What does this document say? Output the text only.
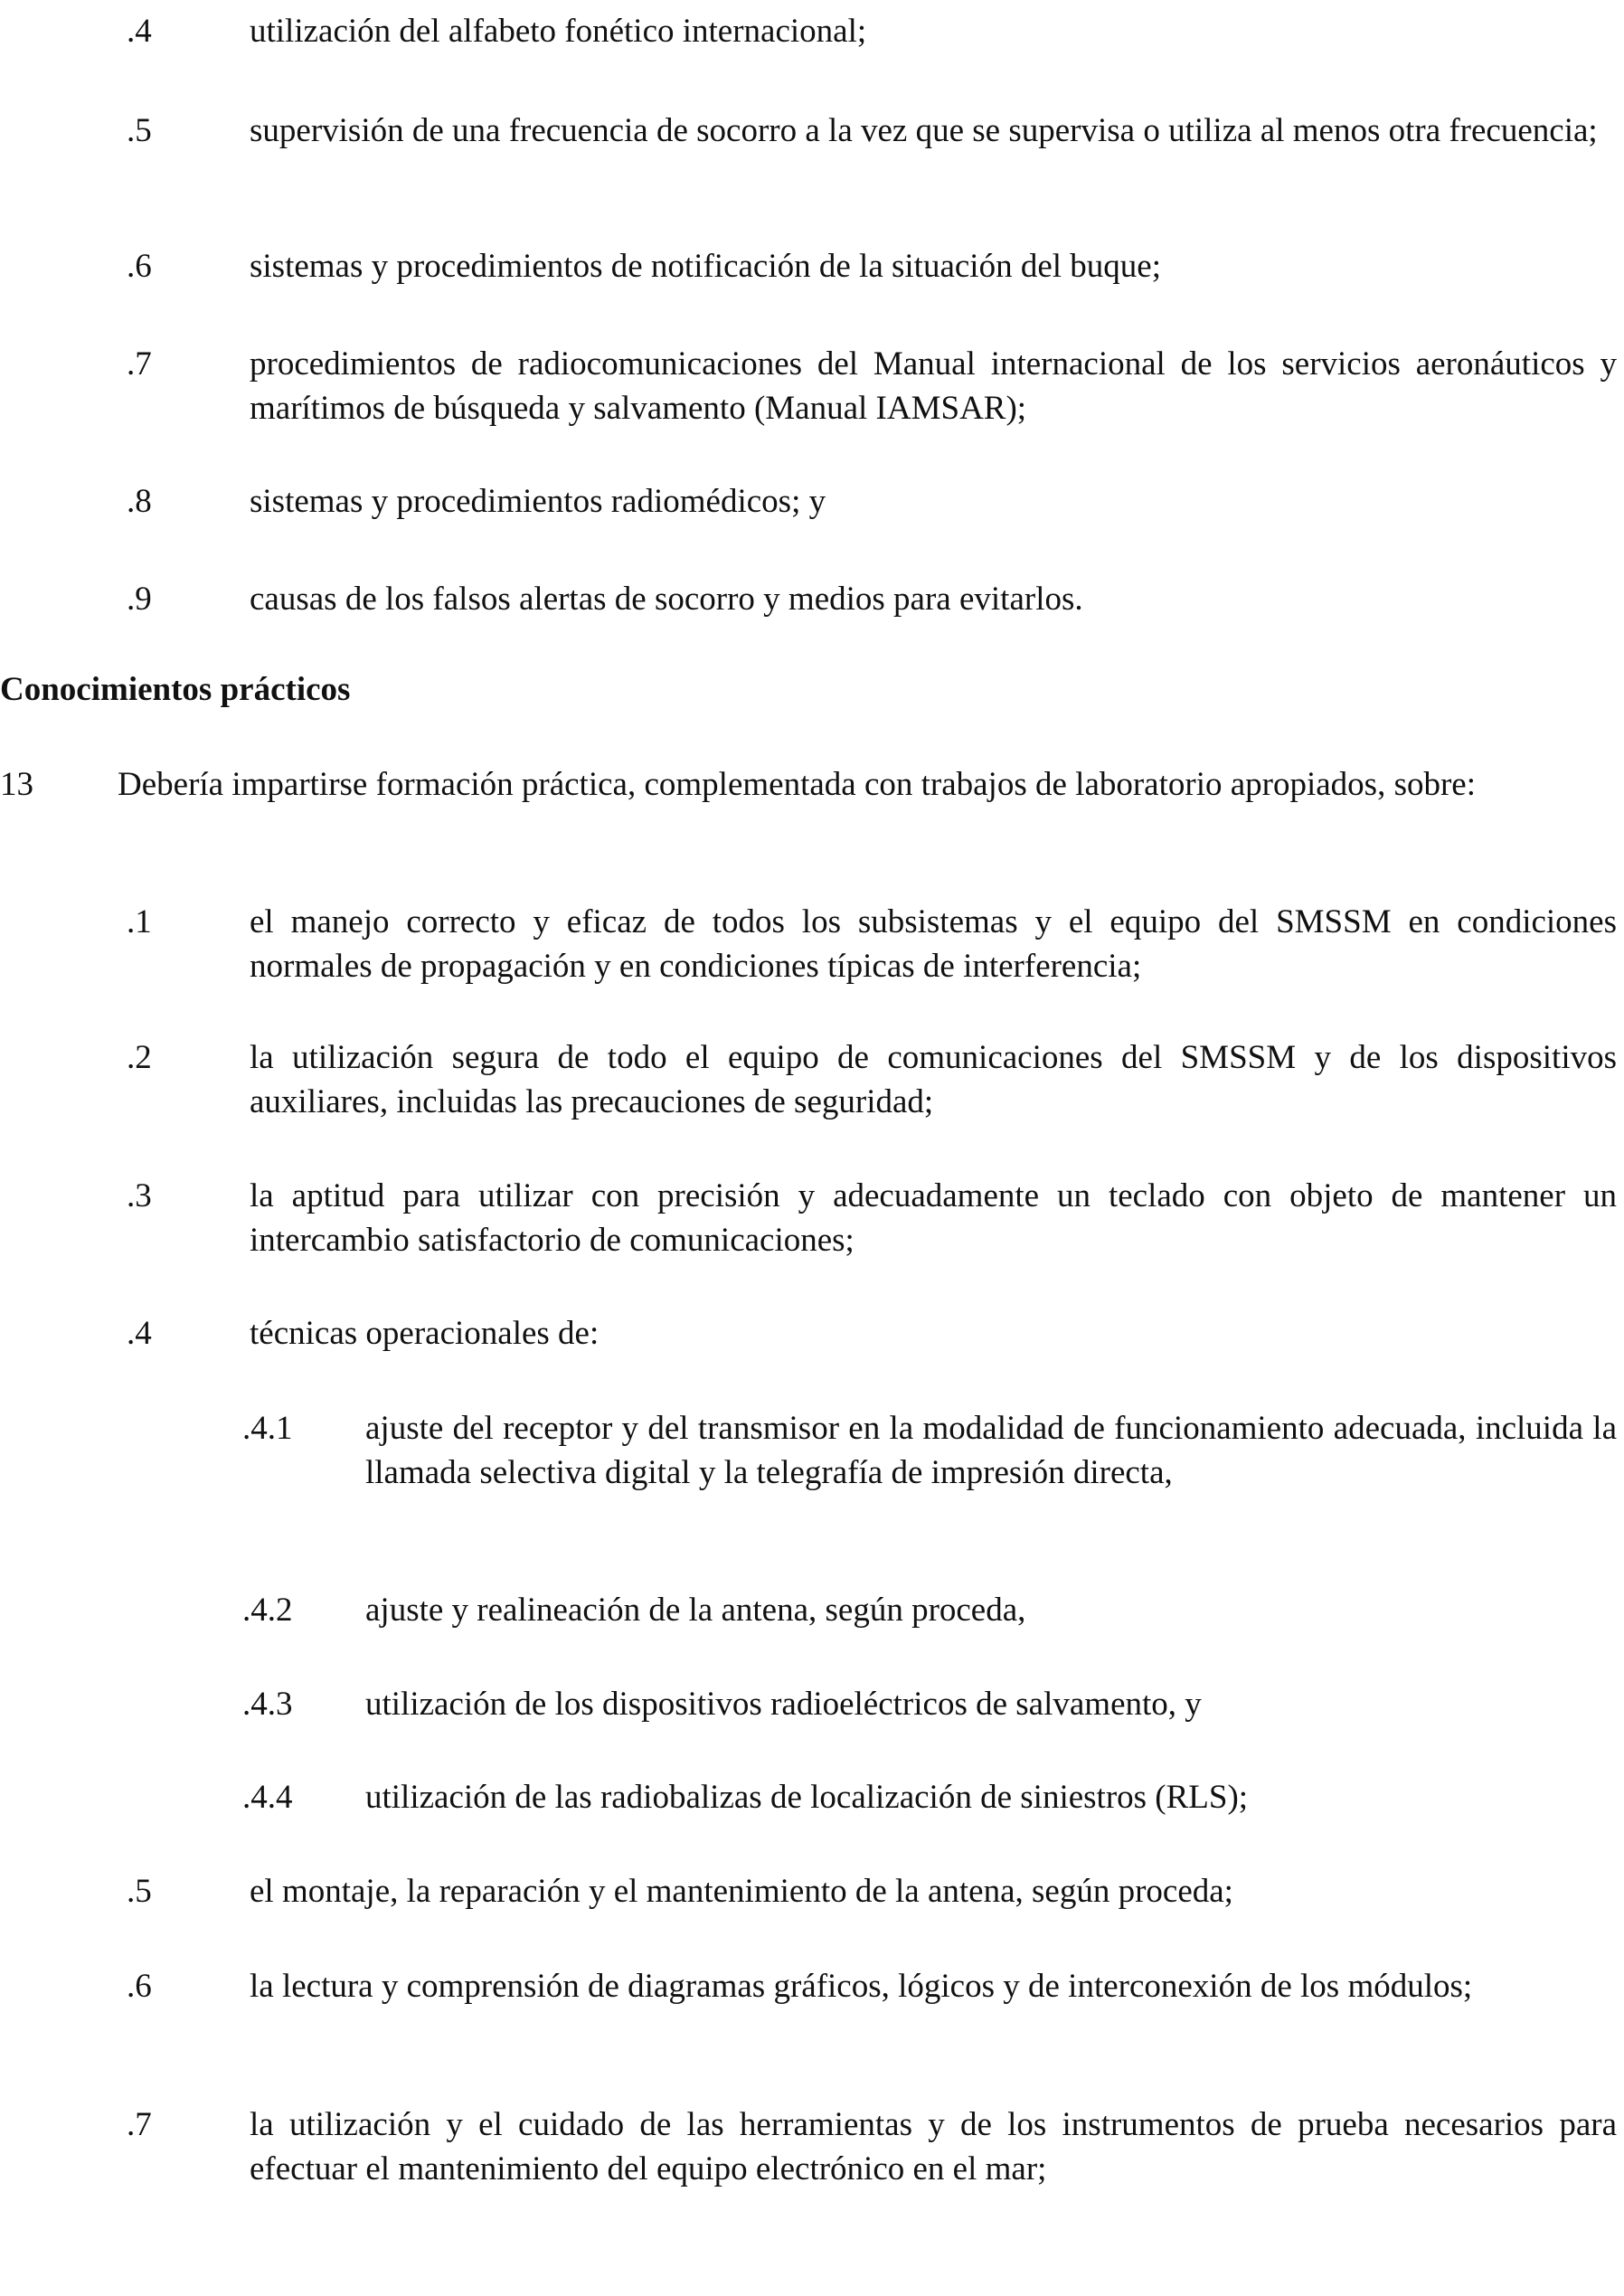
.4	utilización del alfabeto fonético internacional;
.5	supervisión de una frecuencia de socorro a la vez que se supervisa o utiliza al menos otra frecuencia;
.6	sistemas y procedimientos de notificación de la situación del buque;
.7	procedimientos de radiocomunicaciones del Manual internacional de los servicios aeronáuticos y marítimos de búsqueda y salvamento (Manual IAMSAR);
.8	sistemas y procedimientos radiomédicos; y
.9	causas de los falsos alertas de socorro y medios para evitarlos.
Conocimientos prácticos
13	Debería impartirse formación práctica, complementada con trabajos de laboratorio apropiados, sobre:
.1	el manejo correcto y eficaz de todos los subsistemas y el equipo del SMSSM en condiciones normales de propagación y en condiciones típicas de interferencia;
.2	la utilización segura de todo el equipo de comunicaciones del SMSSM y de los dispositivos auxiliares, incluidas las precauciones de seguridad;
.3	la aptitud para utilizar con precisión y adecuadamente un teclado con objeto de mantener un intercambio satisfactorio de comunicaciones;
.4	técnicas operacionales de:
.4.1 ajuste del receptor y del transmisor en la modalidad de funcionamiento adecuada, incluida la llamada selectiva digital y la telegrafía de impresión directa,
.4.2 ajuste y realineación de la antena, según proceda,
.4.3 utilización de los dispositivos radioeléctricos de salvamento, y
.4.4 utilización de las radiobalizas de localización de siniestros (RLS);
.5	el montaje, la reparación y el mantenimiento de la antena, según proceda;
.6	la lectura y comprensión de diagramas gráficos, lógicos y de interconexión de los módulos;
.7	la utilización y el cuidado de las herramientas y de los instrumentos de prueba necesarios para efectuar el mantenimiento del equipo electrónico en el mar;
